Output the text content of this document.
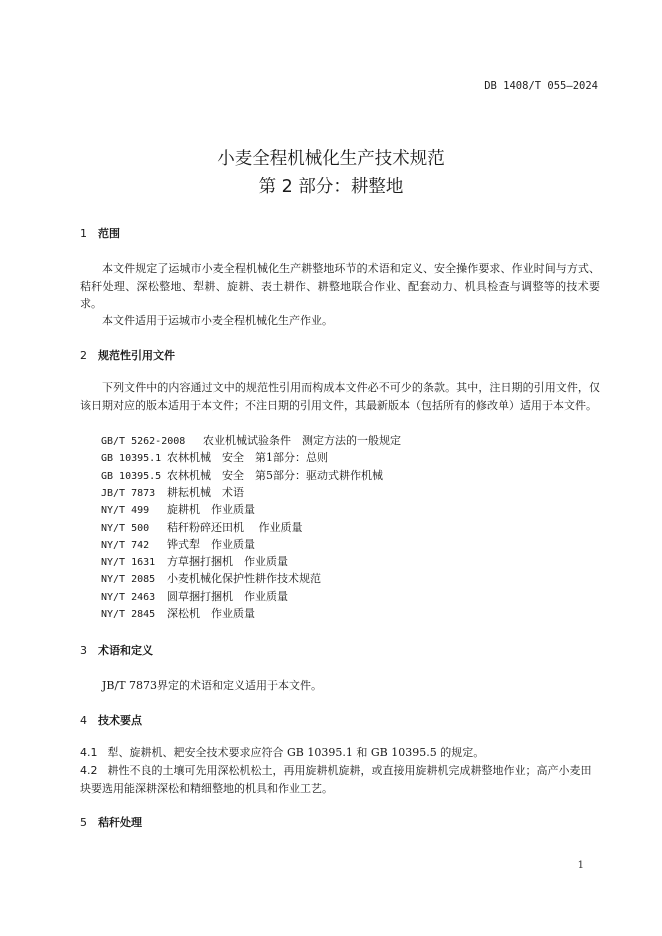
DB 1408/T 055—2024
小麦全程机械化生产技术规范
第 2 部分：耕整地
1 范围
本文件规定了运城市小麦全程机械化生产耕整地环节的术语和定义、安全操作要求、作业时间与方式、秸秆处理、深松整地、犁耕、旋耕、表土耕作、耕整地联合作业、配套动力、机具检查与调整等的技术要求。
本文件适用于运城市小麦全程机械化生产作业。
2 规范性引用文件
下列文件中的内容通过文中的规范性引用而构成本文件必不可少的条款。其中，注日期的引用文件，仅该日期对应的版本适用于本文件；不注日期的引用文件，其最新版本（包括所有的修改单）适用于本文件。
GB/T 5262-2008 农业机械试验条件　测定方法的一般规定
GB 10395.1 农林机械　安全　第1部分：总则
GB 10395.5 农林机械　安全　第5部分：驱动式耕作机械
JB/T 7873 耕耘机械　术语
NY/T 499 旋耕机　作业质量
NY/T 500 秸秆粉碎还田机　 作业质量
NY/T 742 铧式犁　作业质量
NY/T 1631 方草捆打捆机　作业质量
NY/T 2085 小麦机械化保护性耕作技术规范
NY/T 2463 圆草捆打捆机　作业质量
NY/T 2845 深松机　作业质量
3 术语和定义
JB/T 7873界定的术语和定义适用于本文件。
4 技术要点
4.1 犁、旋耕机、耙安全技术要求应符合 GB 10395.1 和 GB 10395.5 的规定。
4.2 耕性不良的土壤可先用深松机松土，再用旋耕机旋耕，或直接用旋耕机完成耕整地作业；高产小麦田块要选用能深耕深松和精细整地的机具和作业工艺。
5 秸秆处理
1
